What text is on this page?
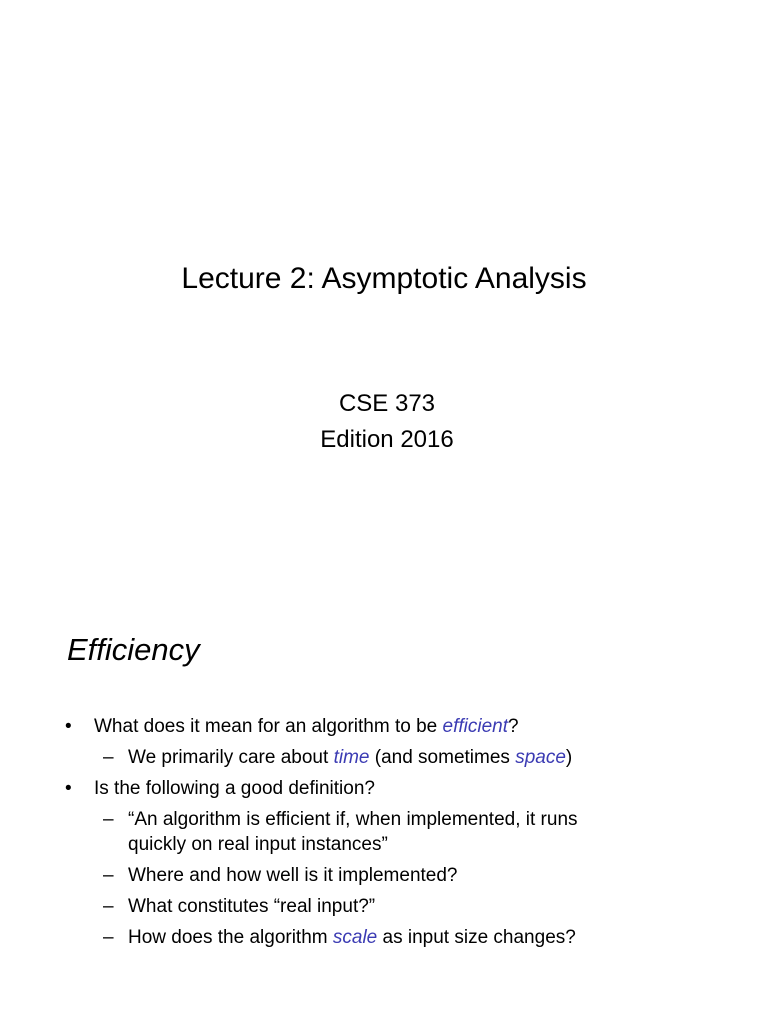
Lecture 2: Asymptotic Analysis
CSE 373
Edition 2016
Efficiency
• What does it mean for an algorithm to be efficient?
– We primarily care about time (and sometimes space)
• Is the following a good definition?
– “An algorithm is efficient if, when implemented, it runs
quickly on real input instances”
– Where and how well is it implemented?
– What constitutes “real input?”
– How does the algorithm scale as input size changes?
